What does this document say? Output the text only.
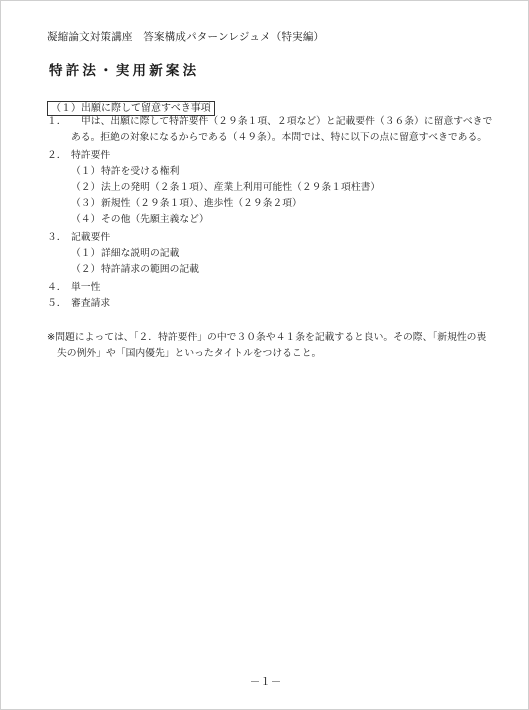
凝縮論文対策講座　答案構成パターンレジュメ（特実編）
特許法・実用新案法
（１）出願に際して留意すべき事項
１． 甲は、出願に際して特許要件（２９条１項、２項など）と記載要件（３６条）に留意すべきで
ある。拒絶の対象になるからである（４９条）。本問では、特に以下の点に留意すべきである。
２． 特許要件
（１）特許を受ける権利
（２）法上の発明（２条１項）、産業上利用可能性（２９条１項柱書）
（３）新規性（２９条１項）、進歩性（２９条２項）
（４）その他（先願主義など）
３． 記載要件
（１）詳細な説明の記載
（２）特許請求の範囲の記載
４． 単一性
５． 審査請求
※問題によっては、「２．特許要件」の中で３０条や４１条を記載すると良い。その際、「新規性の喪
失の例外」や「国内優先」といったタイトルをつけること。
－１－
